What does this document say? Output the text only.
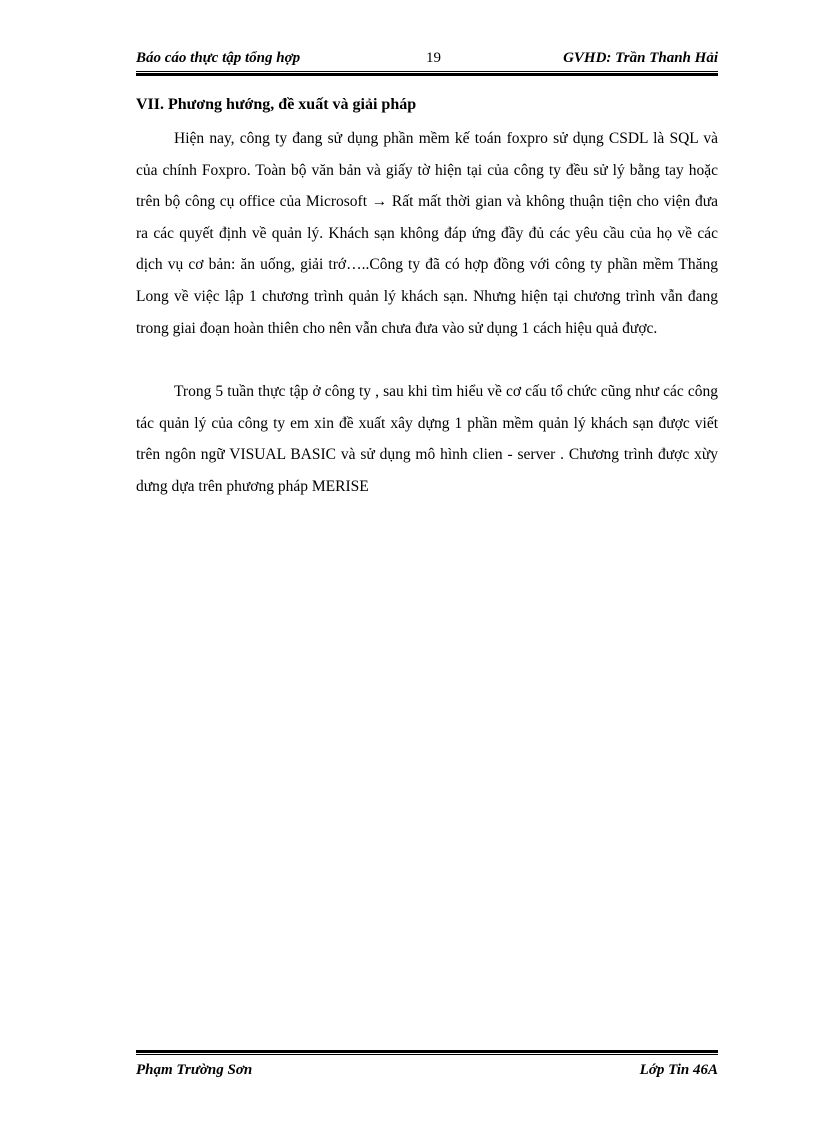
Báo cáo thực tập tổng hợp	19	GVHD: Trần Thanh Hải
VII. Phương hướng, đề xuất và giải pháp

Hiện nay, công ty đang sử dụng phần mềm kế toán foxpro sử dụng CSDL là SQL và của chính Foxpro. Toàn bộ văn bản và giấy tờ hiện tại của công ty đều sử lý bằng tay hoặc trên bộ công cụ office của Microsoft → Rất mất thời gian và không thuận tiện cho viện đưa ra các quyết định về quản lý. Khách sạn không đáp ứng đầy đủ các yêu cầu của họ về các dịch vụ cơ bản: ăn uống, giải trớ…..Công ty đã có hợp đồng với công ty phần mềm Thăng Long về việc lập 1 chương trình quản lý khách sạn. Nhưng hiện tại chương trình vẫn đang trong giai đoạn hoàn thiên cho nên vẫn chưa đưa vào sử dụng 1 cách hiệu quả được.

Trong 5 tuần thực tập ở công ty , sau khi tìm hiểu về cơ cấu tổ chức cũng như các công tác quản lý của công ty em xin đề xuất xây dựng 1 phần mềm quản lý khách sạn được viết trên ngôn ngữ VISUAL BASIC và sử dụng mô hình clien - server . Chương trình được xừy dưng dựa trên phương pháp MERISE

Phạm Trường Sơn	Lớp Tin 46A
